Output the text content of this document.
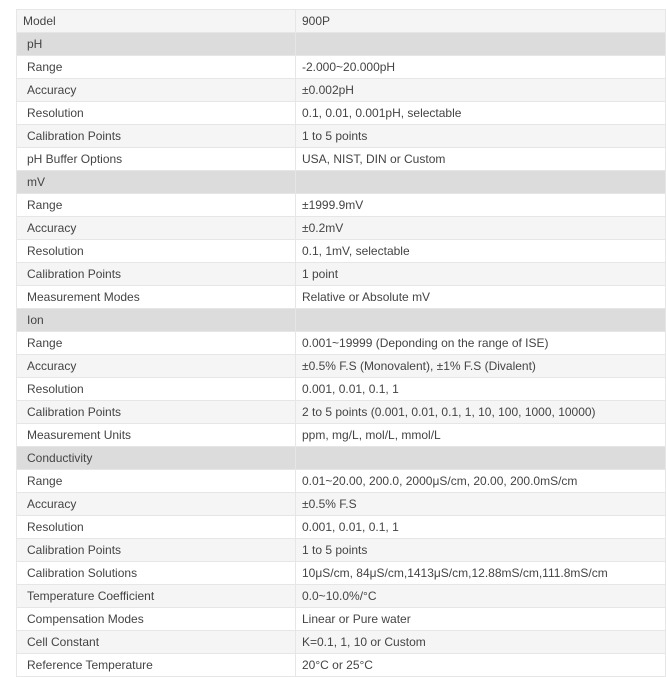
Model	900P
pH	
Range	-2.000~20.000pH
Accuracy	±0.002pH
Resolution	0.1, 0.01, 0.001pH, selectable
Calibration Points	1 to 5 points
pH Buffer Options	USA, NIST, DIN or Custom
mV	
Range	±1999.9mV
Accuracy	±0.2mV
Resolution	0.1, 1mV, selectable
Calibration Points	1 point
Measurement Modes	Relative or Absolute mV
Ion	
Range	0.001~19999 (Deponding on the range of ISE)
Accuracy	±0.5% F.S (Monovalent), ±1% F.S (Divalent)
Resolution	0.001, 0.01, 0.1, 1
Calibration Points	2 to 5 points (0.001, 0.01, 0.1, 1, 10, 100, 1000, 10000)
Measurement Units	ppm, mg/L, mol/L, mmol/L
Conductivity	
Range	0.01~20.00, 200.0, 2000μS/cm, 20.00, 200.0mS/cm
Accuracy	±0.5% F.S
Resolution	0.001, 0.01, 0.1, 1
Calibration Points	1 to 5 points
Calibration Solutions	10μS/cm, 84μS/cm,1413μS/cm,12.88mS/cm,111.8mS/cm
Temperature Coefficient	0.0~10.0%/°C
Compensation Modes	Linear or Pure water
Cell Constant	K=0.1, 1, 10 or Custom
Reference Temperature	20°C or 25°C
